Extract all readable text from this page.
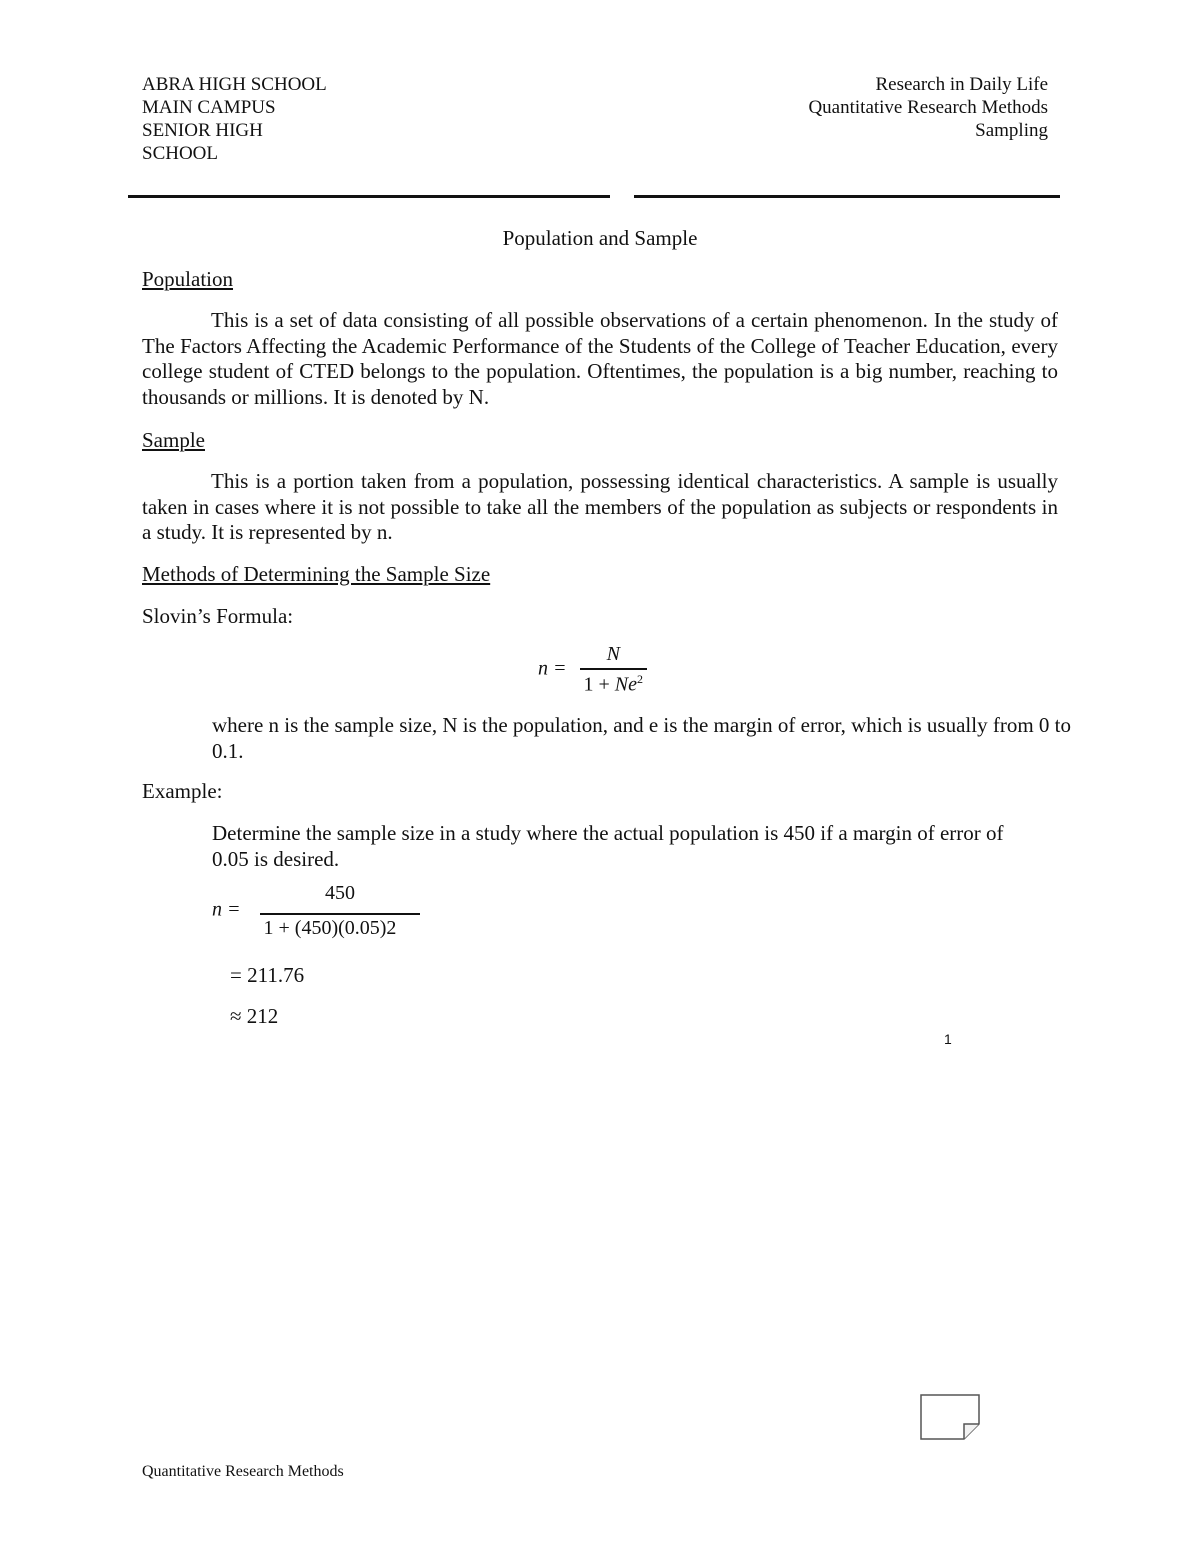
ABRA HIGH SCHOOL
MAIN CAMPUS
SENIOR HIGH
SCHOOL
Research in Daily Life
Quantitative Research Methods
Sampling
Population and Sample
Population
This is a set of data consisting of all possible observations of a certain phenomenon. In the study of The Factors Affecting the Academic Performance of the Students of the College of Teacher Education, every college student of CTED belongs to the population. Oftentimes, the population is a big number, reaching to thousands or millions. It is denoted by N.
Sample
This is a portion taken from a population, possessing identical characteristics. A sample is usually taken in cases where it is not possible to take all the members of the population as subjects or respondents in a study. It is represented by n.
Methods of Determining the Sample Size
Slovin’s Formula:
$n = \frac{N}{1 + Ne^2}$
where n is the sample size, N is the population, and e is the margin of error, which is usually from 0 to 0.1.
Example:
Determine the sample size in a study where the actual population is 450 if a margin of error of 0.05 is desired.
$n = \frac{450}{1 + (450)(0.05)2}$
= 211.76
≈ 212
1
Quantitative Research Methods
